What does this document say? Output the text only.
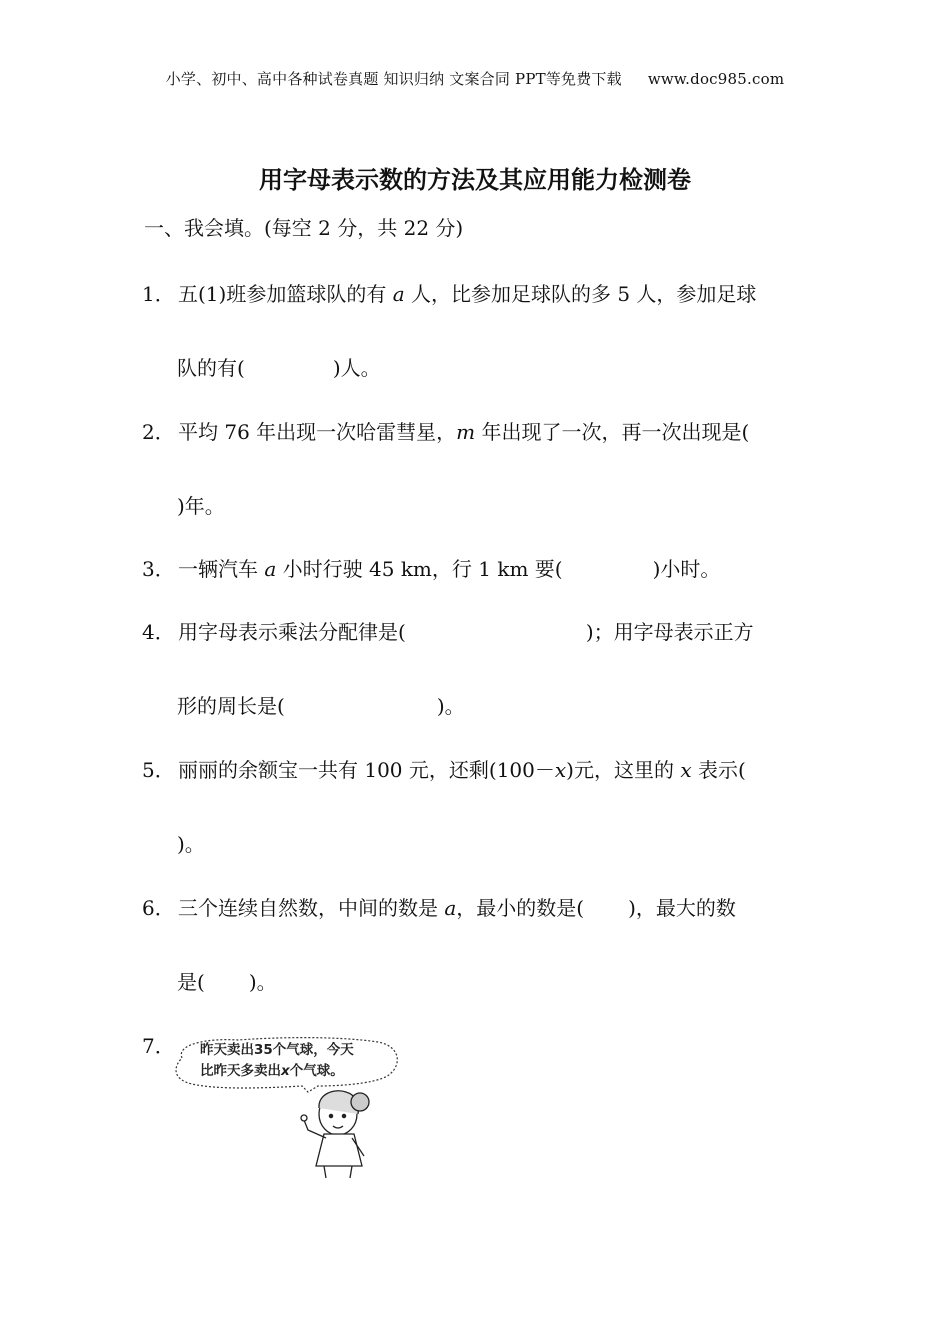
小学、初中、高中各种试卷真题 知识归纳 文案合同 PPT等免费下载 www.doc985.com
用字母表示数的方法及其应用能力检测卷
一、我会填。(每空 2 分，共 22 分)
1． 五(1)班参加篮球队的有 a 人，比参加足球队的多 5 人，参加足球
队的有(	)人。
2． 平均 76 年出现一次哈雷彗星，m 年出现了一次，再一次出现是(
)年。
3． 一辆汽车 a 小时行驶 45 km，行 1 km 要(	)小时。
4． 用字母表示乘法分配律是(	)；用字母表示正方
形的周长是(	)。
5． 丽丽的余额宝一共有 100 元，还剩(100－x)元，这里的 x 表示(
)。
6． 三个连续自然数，中间的数是 a，最小的数是( )，最大的数
是( )。
7． 昨天卖出35个气球，今天
比昨天多卖出x个气球。
